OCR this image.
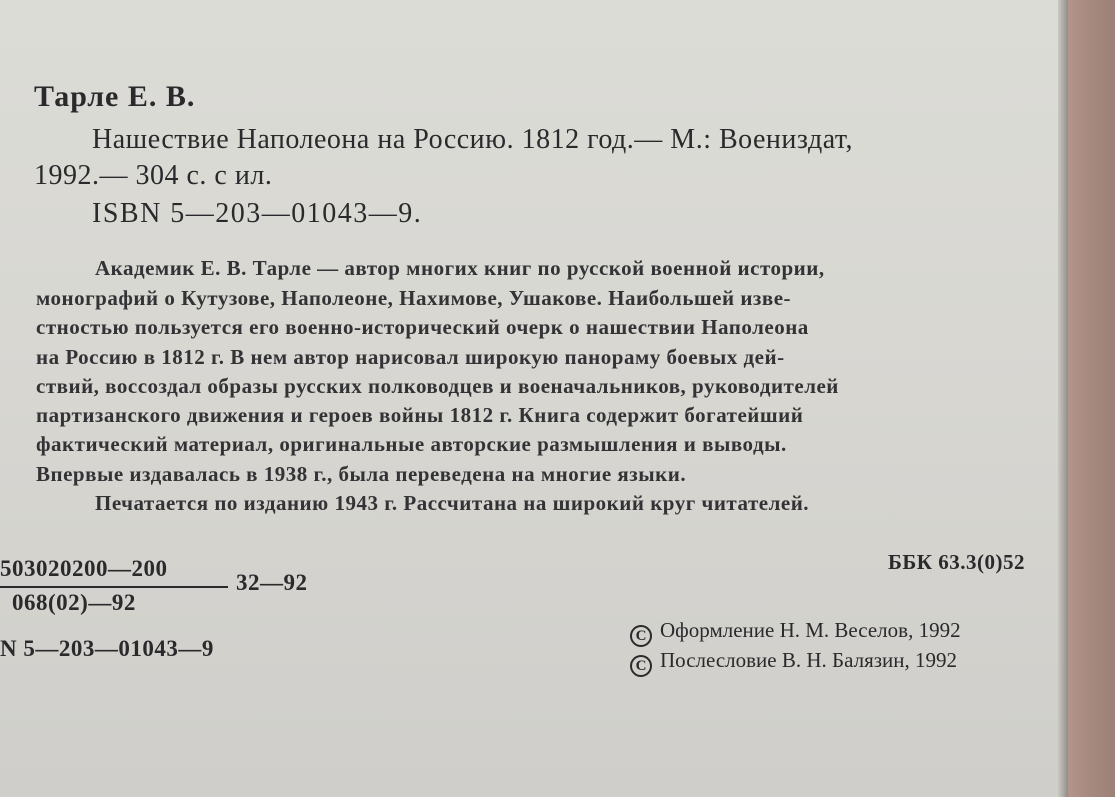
Тарле Е. В.

Нашествие Наполеона на Россию. 1812 год.— М.: Воениздат,

1992.— 304 с. с ил.

ISBN 5—203—01043—9.

Академик Е. В. Тарле — автор многих книг по русской военной истории,

монографий о Кутузове, Наполеоне, Нахимове, Ушакове. Наибольшей изве-

стностью пользуется его военно-исторический очерк о нашествии Наполеона

на Россию в 1812 г. В нем автор нарисовал широкую панораму боевых дей-

ствий, воссоздал образы русских полководцев и военачальников, руководителей

партизанского движения и героев войны 1812 г. Книга содержит богатейший

фактический материал, оригинальные авторские размышления и выводы.

Впервые издавалась в 1938 г., была переведена на многие языки.

Печатается по изданию 1943 г. Рассчитана на широкий круг читателей.

503020200—200

068(02)—92

32—92

ББК 63.3(0)52

N 5—203—01043—9	C Оформление Н. М. Веселов, 1992

C Послесловие В. Н. Балязин, 1992
